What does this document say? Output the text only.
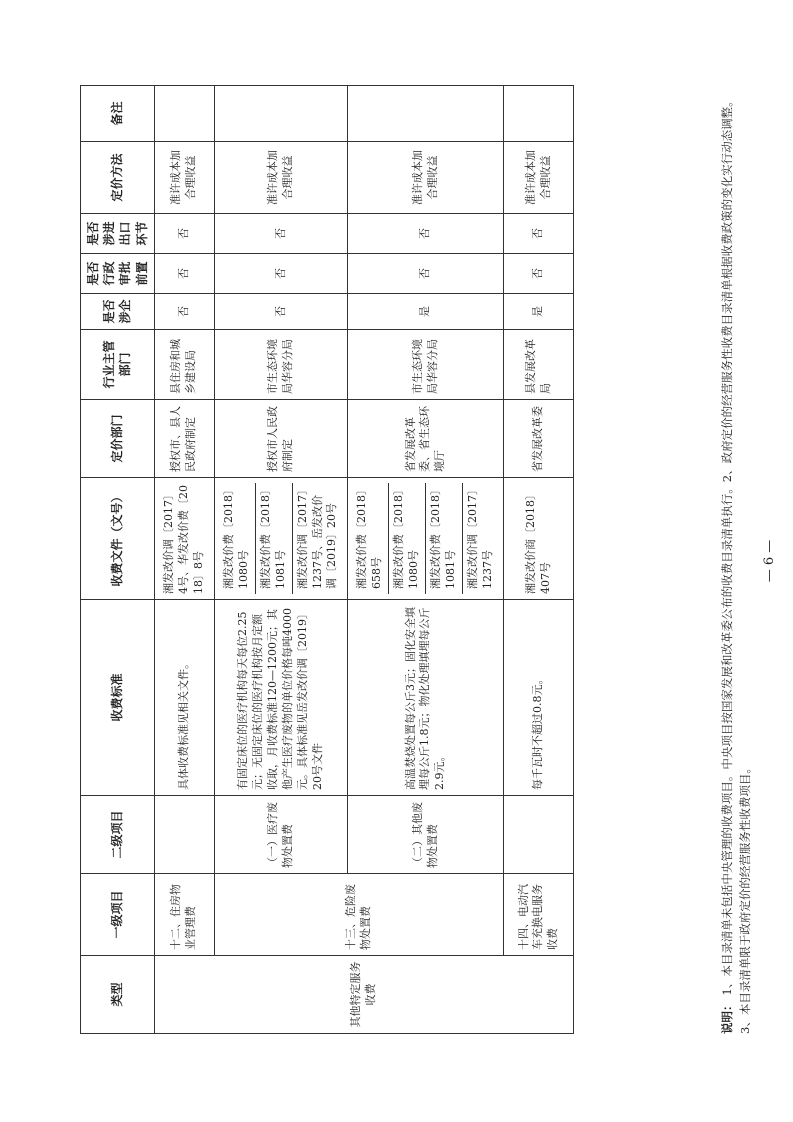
类型	一级项目	二级项目	收费标准	收费文件（文号）	定价部门	行业主管部门	是否涉企	是否行政审批前置	是否涉进出口环节	定价方法	备注
其他特定服务收费	十二、住房物业管理费		具体收费标准见相关文件。	湘发改价调〔2017〕4号、华发改价费〔2018〕8号	授权市、县人民政府制定	县住房和城乡建设局	否	否	否	准许成本加合理收益	
	十三、危险废物处置费	（一）医疗废物处置费	有固定床位的医疗机构每天每位2.25元；无固定床位的医疗机构按月定额收取，月收费标准120—1200元；其他产生医疗废物的单位价格每吨4000元。具体标准见岳发改价调〔2019〕20号文件	湘发改价费〔2018〕1080号 湘发改价费〔2018〕1081号 湘发改价调〔2017〕1237号、岳发改价调〔2019〕20号	授权市人民政府制定	市生态环境局华容分局	否	否	否	准许成本加合理收益	
		（二）其他废物处置费	高温焚烧处置每公斤3元；固化安全填埋每公斤1.8元；物化处理填埋每公斤2.9元。	湘发改价费〔2018〕658号 湘发改价费〔2018〕1080号 湘发改价费〔2018〕1081号 湘发改价调〔2017〕1237号	省发展改革委、省生态环境厅	市生态环境局华容分局	是	否	否	准许成本加合理收益	
	十四、电动汽车充换电服务收费		每千瓦时不超过0.8元。	湘发改价商〔2018〕407号	省发展改革委	县发展改革局	是	否	否	准许成本加合理收益	
说明：1、本目录清单未包括中央管理的收费项目。中央项目按国家发展和改革委公布的收费目录清单执行。2、政府定价的经营服务性收费目录清单根据收费政策的变化实行动态调整。3、本目录清单限于政府定价的经营服务性收费项目。
— 6 —
